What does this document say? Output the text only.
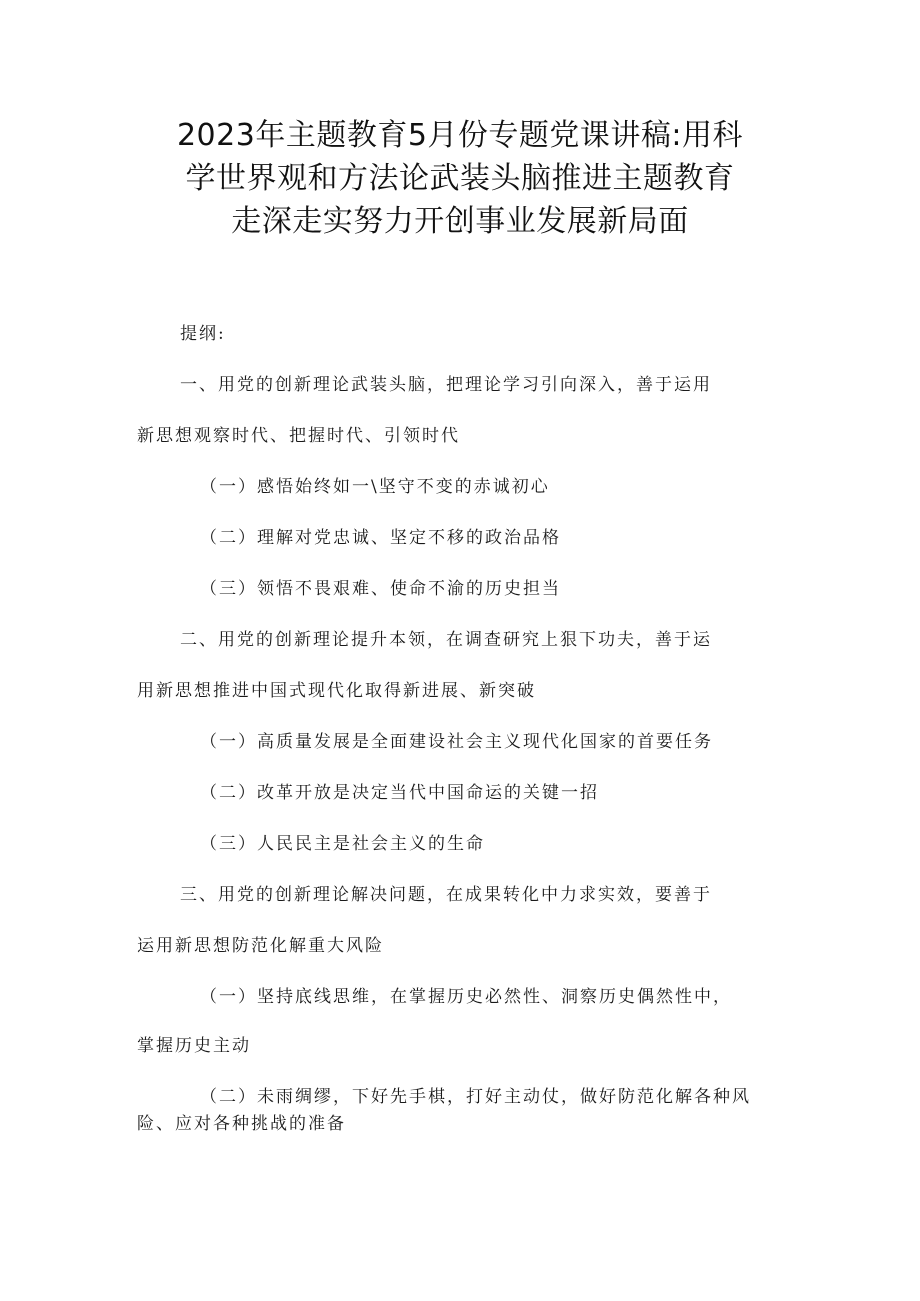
2023年主题教育5月份专题党课讲稿:用科
学世界观和方法论武装头脑推进主题教育
走深走实努力开创事业发展新局面
提纲:
一、用党的创新理论武装头脑，把理论学习引向深入，善于运用
新思想观察时代、把握时代、引领时代
（一）感悟始终如一\坚守不变的赤诚初心
（二）理解对党忠诚、坚定不移的政治品格
（三）领悟不畏艰难、使命不渝的历史担当
二、用党的创新理论提升本领，在调查研究上狠下功夫，善于运
用新思想推进中国式现代化取得新进展、新突破
（一）高质量发展是全面建设社会主义现代化国家的首要任务
（二）改革开放是决定当代中国命运的关键一招
（三）人民民主是社会主义的生命
三、用党的创新理论解决问题，在成果转化中力求实效，要善于
运用新思想防范化解重大风险
（一）坚持底线思维，在掌握历史必然性、洞察历史偶然性中，
掌握历史主动
（二）未雨绸缪，下好先手棋，打好主动仗，做好防范化解各种风
险、应对各种挑战的准备
